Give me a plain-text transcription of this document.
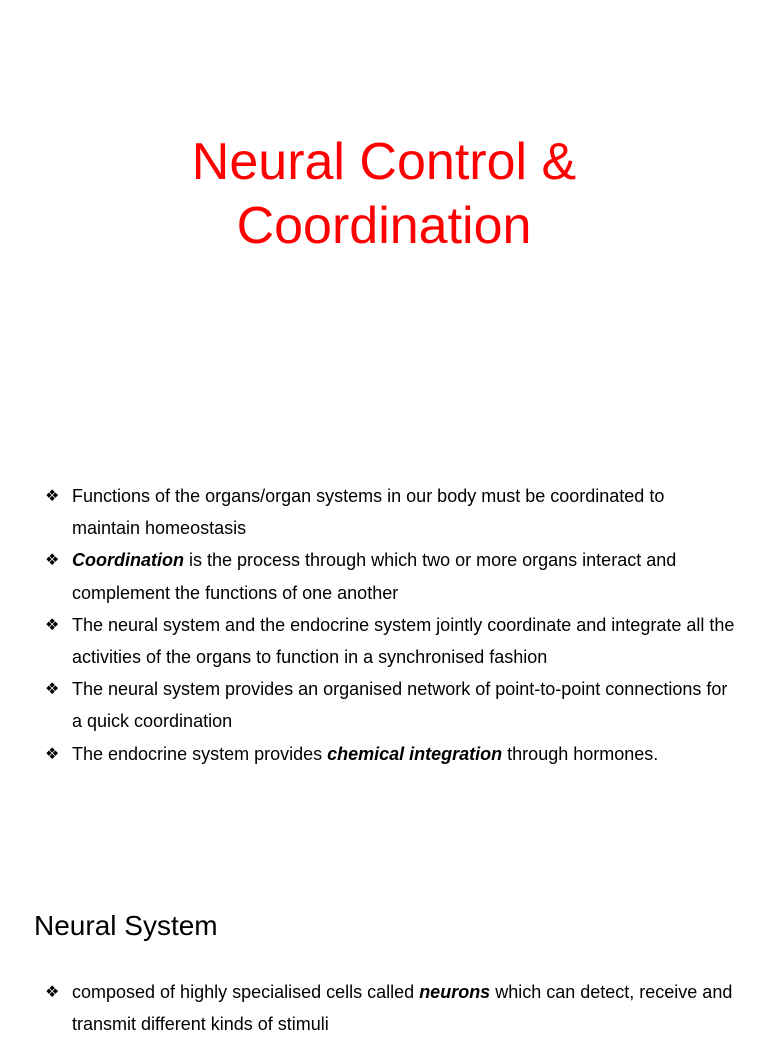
Neural Control &
Coordination
❖ Functions of the organs/organ systems in our body must be coordinated to maintain homeostasis
❖ Coordination is the process through which two or more organs interact and complement the functions of one another
❖ The neural system and the endocrine system jointly coordinate and integrate all the activities of the organs to function in a synchronised fashion
❖ The neural system provides an organised network of point-to-point connections for a quick coordination
❖ The endocrine system provides chemical integration through hormones.
Neural System
❖ composed of highly specialised cells called neurons which can detect, receive and transmit different kinds of stimuli
